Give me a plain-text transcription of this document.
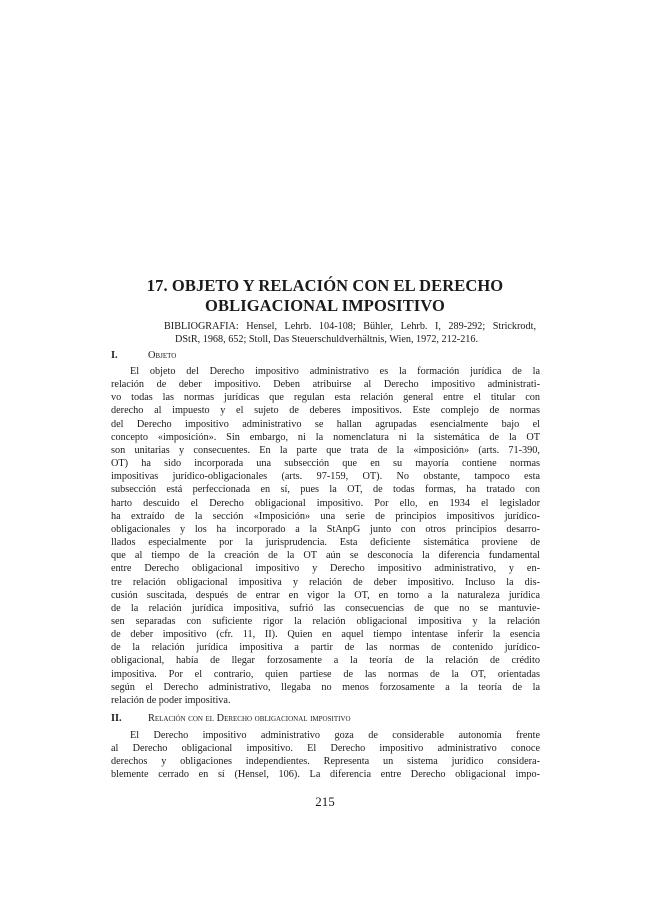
17. OBJETO Y RELACIÓN CON EL DERECHO
OBLIGACIONAL IMPOSITIVO
BIBLIOGRAFIA: Hensel, Lehrb. 104-108; Bühler, Lehrb. I, 289-292; Strickrodt,
DStR, 1968, 652; Stoll, Das Steuerschuldverhältnis, Wien, 1972, 212-216.
I.	Objeto
El objeto del Derecho impositivo administrativo es la formación jurídica de la
relación de deber impositivo. Deben atribuirse al Derecho impositivo administrati-
vo todas las normas jurídicas que regulan esta relación general entre el titular con
derecho al impuesto y el sujeto de deberes impositivos. Este complejo de normas
del Derecho impositivo administrativo se hallan agrupadas esencialmente bajo el
concepto «imposición». Sin embargo, ni la nomenclatura ni la sistemática de la OT
son unitarias y consecuentes. En la parte que trata de la «imposición» (arts. 71-390,
OT) ha sido incorporada una subsección que en su mayoría contiene normas
impositivas jurídico-obligacionales (arts. 97-159, OT). No obstante, tampoco esta
subsección está perfeccionada en sí, pues la OT, de todas formas, ha tratado con
harto descuido el Derecho obligacional impositivo. Por ello, en 1934 el legislador
ha extraído de la sección «Imposición» una serie de principios impositivos jurídico-
obligacionales y los ha incorporado a la StAnpG junto con otros principios desarro-
llados especialmente por la jurisprudencia. Esta deficiente sistemática proviene de
que al tiempo de la creación de la OT aún se desconocía la diferencia fundamental
entre Derecho obligacional impositivo y Derecho impositivo administrativo, y en-
tre relación obligacional impositiva y relación de deber impositivo. Incluso la dis-
cusión suscitada, después de entrar en vigor la OT, en torno a la naturaleza jurídica
de la relación jurídica impositiva, sufrió las consecuencias de que no se mantuvie-
sen separadas con suficiente rigor la relación obligacional impositiva y la relación
de deber impositivo (cfr. 11, II). Quien en aquel tiempo intentase inferir la esencia
de la relación jurídica impositiva a partir de las normas de contenido jurídico-
obligacional, había de llegar forzosamente a la teoría de la relación de crédito
impositiva. Por el contrario, quien partiese de las normas de la OT, orientadas
según el Derecho administrativo, llegaba no menos forzosamente a la teoría de la
relación de poder impositiva.
II.	Relación con el Derecho obligacional impositivo
El Derecho impositivo administrativo goza de considerable autonomía frente
al Derecho obligacional impositivo. El Derecho impositivo administrativo conoce
derechos y obligaciones independientes. Representa un sistema jurídico considera-
blemente cerrado en sí (Hensel, 106). La diferencia entre Derecho obligacional impo-
215
